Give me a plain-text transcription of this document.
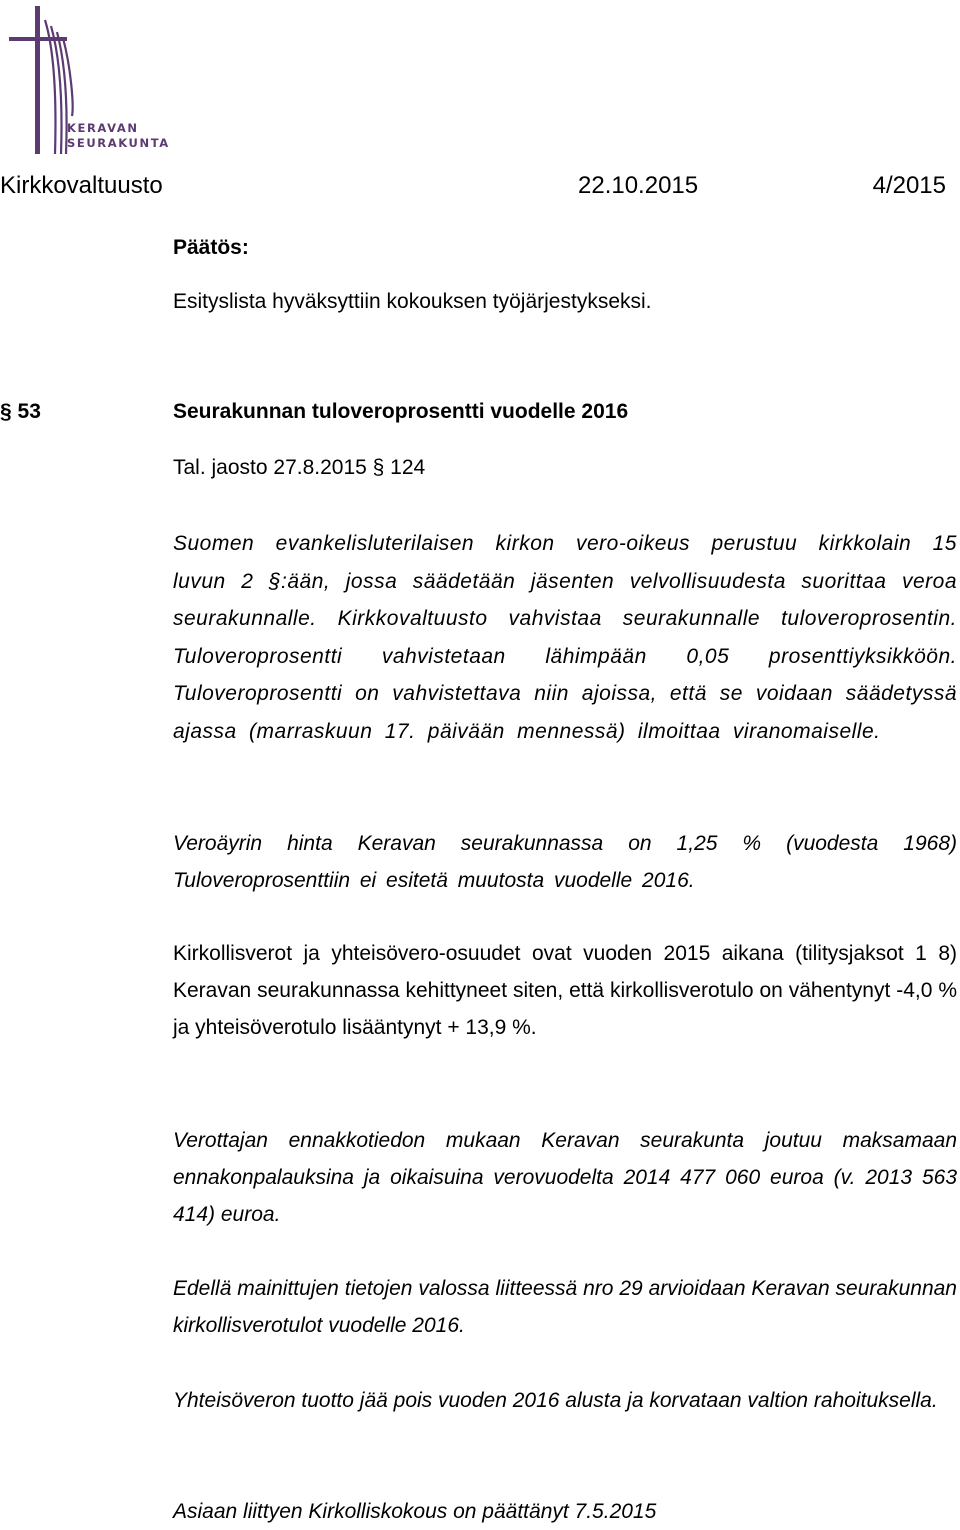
KERAVAN
SEURAKUNTA
Kirkkovaltuusto	22.10.2015	4/2015
Päätös:
Esityslista hyväksyttiin kokouksen työjärjestykseksi.
§ 53	Seurakunnan tuloveroprosentti vuodelle 2016
Tal. jaosto 27.8.2015 § 124
Suomen evankelisluterilaisen kirkon vero-oikeus perustuu kirkkolain 15 luvun 2 §:ään, jossa säädetään jäsenten velvollisuudesta suorittaa veroa seurakunnalle. Kirkkovaltuusto vahvistaa seurakunnalle tuloveroprosentin. Tuloveroprosentti vahvistetaan lähimpään 0,05 prosenttiyksikköön. Tuloveroprosentti on vahvistettava niin ajoissa, että se voidaan säädetyssä ajassa (marraskuun 17. päivään mennessä) ilmoittaa viranomaiselle.
Veroäyrin hinta Keravan seurakunnassa on 1,25 % (vuodesta 1968) Tuloveroprosenttiin ei esitetä muutosta vuodelle 2016.
Kirkollisverot ja yhteisövero-osuudet ovat vuoden 2015 aikana (tilitysjaksot 1 8) Keravan seurakunnassa kehittyneet siten, että kirkollisverotulo on vähentynyt -4,0 % ja yhteisöverotulo lisääntynyt + 13,9 %.
Verottajan ennakkotiedon mukaan Keravan seurakunta joutuu maksamaan ennakonpalauksina ja oikaisuina verovuodelta 2014 477 060 euroa (v. 2013 563 414) euroa.
Edellä mainittujen tietojen valossa liitteessä nro 29 arvioidaan Keravan seurakunnan kirkollisverotulot vuodelle 2016.
Yhteisöveron tuotto jää pois vuoden 2016 alusta ja korvataan valtion rahoituksella.
Asiaan liittyen Kirkolliskokous on päättänyt 7.5.2015
